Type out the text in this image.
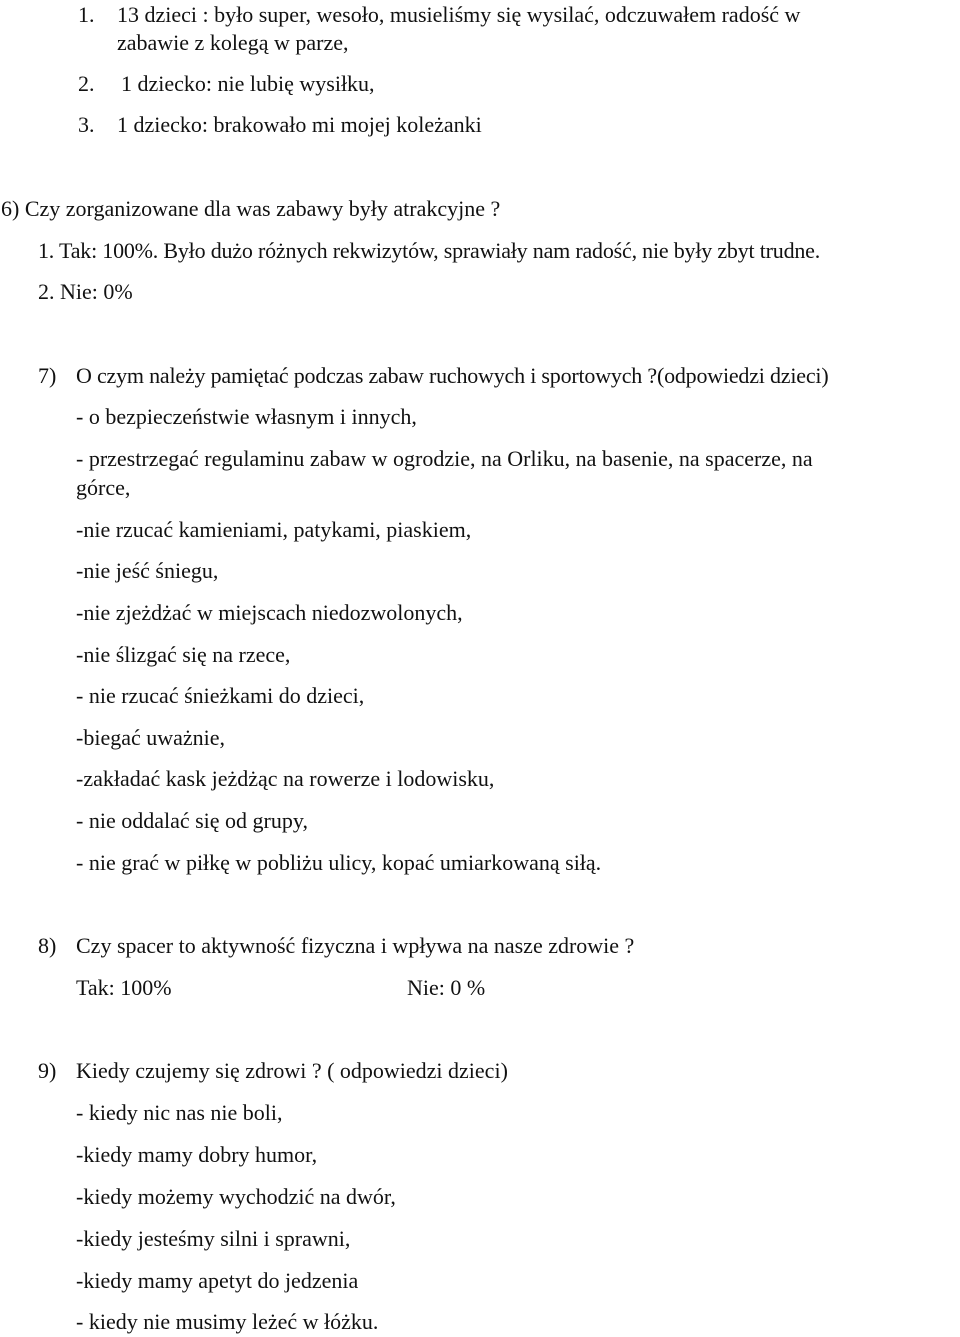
1. 13 dzieci : było super, wesoło, musieliśmy się wysilać, odczuwałem radość w
zabawie z kolegą w parze,
2. 1 dziecko: nie lubię wysiłku,
3. 1 dziecko: brakowało mi mojej koleżanki
6) Czy zorganizowane dla was zabawy były atrakcyjne ?
1. Tak: 100%. Było dużo różnych rekwizytów, sprawiały nam radość, nie były zbyt trudne.
2. Nie: 0%
7) O czym należy pamiętać podczas zabaw ruchowych i sportowych ?(odpowiedzi dzieci)
- o bezpieczeństwie własnym i innych,
- przestrzegać regulaminu zabaw w ogrodzie, na Orliku, na basenie, na spacerze, na
górce,
-nie rzucać kamieniami, patykami, piaskiem,
-nie jeść śniegu,
-nie zjeżdżać w miejscach niedozwolonych,
-nie ślizgać się na rzece,
- nie rzucać śnieżkami do dzieci,
-biegać uważnie,
-zakładać kask jeżdżąc na rowerze i lodowisku,
- nie oddalać się od grupy,
- nie grać w piłkę w pobliżu ulicy, kopać umiarkowaną siłą.
8) Czy spacer to aktywność fizyczna i wpływa na nasze zdrowie ?
Tak: 100%	Nie: 0 %
9) Kiedy czujemy się zdrowi ? ( odpowiedzi dzieci)
- kiedy nic nas nie boli,
-kiedy mamy dobry humor,
-kiedy możemy wychodzić na dwór,
-kiedy jesteśmy silni i sprawni,
-kiedy mamy apetyt do jedzenia
- kiedy nie musimy leżeć w łóżku.
